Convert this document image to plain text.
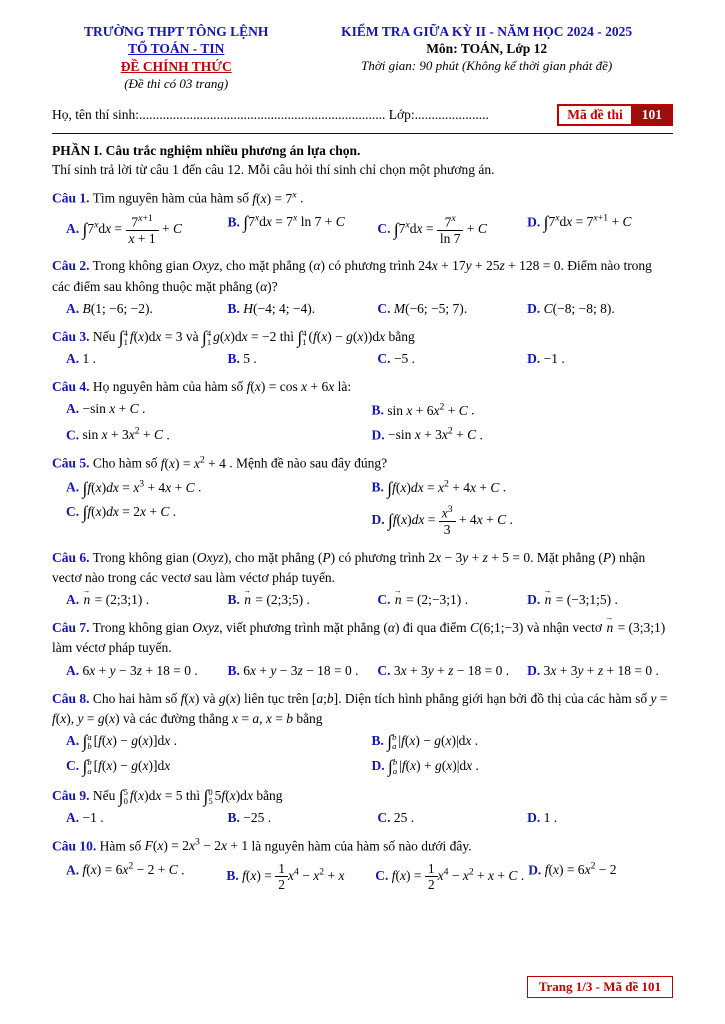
TRƯỜNG THPT TÔNG LỆNH
TỔ TOÁN - TIN
ĐỀ CHÍNH THỨC
(Đề thi có 03 trang)
KIỂM TRA GIỮA KỲ II - NĂM HỌC 2024 - 2025
Môn: TOÁN, Lớp 12
Thời gian: 90 phút (Không kể thời gian phát đề)
Họ, tên thí sinh:......................................................................... Lớp:......................	Mã đề thi	101
PHẦN I. Câu trắc nghiệm nhiều phương án lựa chọn.
Thí sinh trả lời từ câu 1 đến câu 12. Mỗi câu hỏi thí sinh chỉ chọn một phương án.
Câu 1. Tìm nguyên hàm của hàm số $f(x) = 7^x$ .
A. $\int 7^xdx = \frac{7^{x+1}}{x + 1} + C$	B. $\int 7^xdx = 7^x$ ln 7 + C	C. $\int 7^xdx = \frac{7^x}{\ln 7} + C$	D. $\int 7^xdx = 7^{x+1} + C$
Câu 2. Trong không gian Oxyz, cho mặt phẳng (α) có phương trình 24x + 17y + 25z + 128 = 0. Điểm nào trong các điểm sau không thuộc mặt phẳng (α)?
A. B(1; −6; −2).	B. H(−4; 4; −4).	C. M(−6; −5; 7).	D. C(−8; −8; 8).
Câu 3. Nếu ∫ 4
1 f(x)dx = 3 và ∫ 4
1 g(x)dx = −2 thì ∫ 4
1 (f(x) − g(x))dx bằng
A. 1 .	B. 5 .	C. −5 .	D. −1 .
Câu 4. Họ nguyên hàm của hàm số f(x) = cos x + 6x là:
A. −sin x + C .	B. $\sin x + 6x^2 + C$ .
C. $\sin x + 3x^2 + C$ .	D. −sin $x + 3x^2 + C$ .
Câu 5. Cho hàm số $f(x) = x^2 + 4$ . Mệnh đề nào sau đây đúng?
A. $\int f(x)dx = x^3 + 4x + C$ .	B. $\int f(x)dx = x^2 + 4x + C$ .
C. ∫f(x)dx = 2x + C .
D. $\int f(x)dx = \frac{x^3}{3} + 4x + C$ .
Câu 6. Trong không gian (Oxyz), cho mặt phẳng (P) có phương trình 2x − 3y + z + 5 = 0. Mặt phẳng (P) nhận vectơ nào trong các vectơ sau làm véctơ pháp tuyến.
A. n → = (2;3;1) .	B. n → = (2;3;5) .	C. n → = (2;−3;1) .	D. n → = (−3;1;5) .
Câu 7. Trong không gian Oxyz, viết phương trình mặt phẳng (α) đi qua điểm C(6;1;−3) và nhận vectơ n → = (3;3;1) làm véctơ pháp tuyến.
A. 6x + y − 3z + 18 = 0 .	B. 6x + y − 3z − 18 = 0 .	C. 3x + 3y + z − 18 = 0 .	D. 3x + 3y + z + 18 = 0 .
Câu 8. Cho hai hàm số f(x) và g(x) liên tục trên [a;b]. Diện tích hình phẳng giới hạn bởi đồ thị của các hàm số y = f(x), y = g(x) và các đường thẳng x = a, x = b bằng
A. ∫ a
b [f(x) − g(x)]dx .	B. ∫ b
a |f(x) − g(x)|dx .
C. ∫ b
a [f(x) − g(x)]dx	D. ∫ b
a |f(x) + g(x)|dx .
Câu 9. Nếu ∫ 5
0 f(x)dx = 5 thì ∫ 0
5 5f(x)dx bằng
A. −1 .	B. −25 .	C. 25 .	D. 1 .
Câu 10. Hàm số $F(x) = 2x^3 - 2x + 1$ là nguyên hàm của hàm số nào dưới đây.
A. $f(x) = 6x^2 - 2 + C$ .	B. $f(x) = \frac{1}{2} x^4 - x^2 + x$	C. $f(x) = \frac{1}{2} x^4 - x^2 + x + C$ . D. $f(x) = 6x^2 - 2$
Trang 1/3 - Mã đề 101
